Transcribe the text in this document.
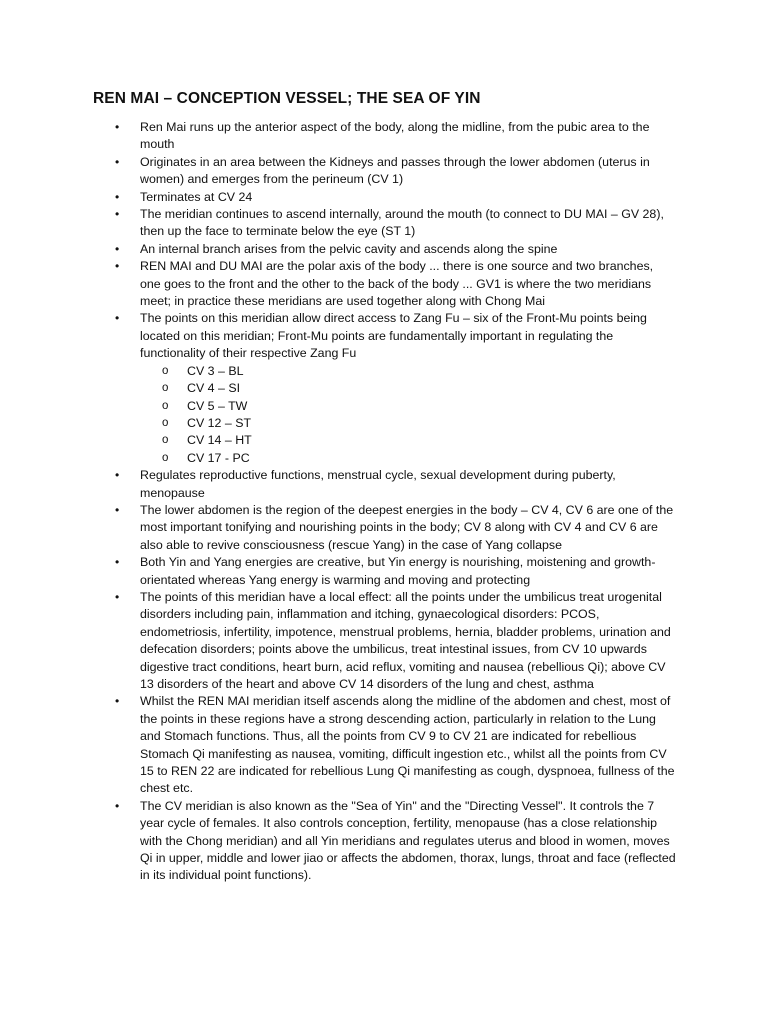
REN MAI – CONCEPTION VESSEL; THE SEA OF YIN
• Ren Mai runs up the anterior aspect of the body, along the midline, from the pubic area to the mouth
• Originates in an area between the Kidneys and passes through the lower abdomen (uterus in women) and emerges from the perineum (CV 1)
• Terminates at CV 24
• The meridian continues to ascend internally, around the mouth (to connect to DU MAI – GV 28), then up the face to terminate below the eye (ST 1)
• An internal branch arises from the pelvic cavity and ascends along the spine
• REN MAI and DU MAI are the polar axis of the body ... there is one source and two branches, one goes to the front and the other to the back of the body ... GV1 is where the two meridians meet; in practice these meridians are used together along with Chong Mai
• The points on this meridian allow direct access to Zang Fu – six of the Front-Mu points being located on this meridian; Front-Mu points are fundamentally important in regulating the functionality of their respective Zang Fu
o CV 3 – BL
o CV 4 – SI
o CV 5 – TW
o CV 12 – ST
o CV 14 – HT
o CV 17 - PC
• Regulates reproductive functions, menstrual cycle, sexual development during puberty, menopause
• The lower abdomen is the region of the deepest energies in the body – CV 4, CV 6 are one of the most important tonifying and nourishing points in the body; CV 8 along with CV 4 and CV 6 are also able to revive consciousness (rescue Yang) in the case of Yang collapse
• Both Yin and Yang energies are creative, but Yin energy is nourishing, moistening and growth-orientated whereas Yang energy is warming and moving and protecting
• The points of this meridian have a local effect: all the points under the umbilicus treat urogenital disorders including pain, inflammation and itching, gynaecological disorders: PCOS, endometriosis, infertility, impotence, menstrual problems, hernia, bladder problems, urination and defecation disorders; points above the umbilicus, treat intestinal issues, from CV 10 upwards digestive tract conditions, heart burn, acid reflux, vomiting and nausea (rebellious Qi); above CV 13 disorders of the heart and above CV 14 disorders of the lung and chest, asthma
• Whilst the REN MAI meridian itself ascends along the midline of the abdomen and chest, most of the points in these regions have a strong descending action, particularly in relation to the Lung and Stomach functions. Thus, all the points from CV 9 to CV 21 are indicated for rebellious Stomach Qi manifesting as nausea, vomiting, difficult ingestion etc., whilst all the points from CV 15 to REN 22 are indicated for rebellious Lung Qi manifesting as cough, dyspnoea, fullness of the chest etc.
• The CV meridian is also known as the "Sea of Yin" and the "Directing Vessel". It controls the 7 year cycle of females. It also controls conception, fertility, menopause (has a close relationship with the Chong meridian) and all Yin meridians and regulates uterus and blood in women, moves Qi in upper, middle and lower jiao or affects the abdomen, thorax, lungs, throat and face (reflected in its individual point functions).
